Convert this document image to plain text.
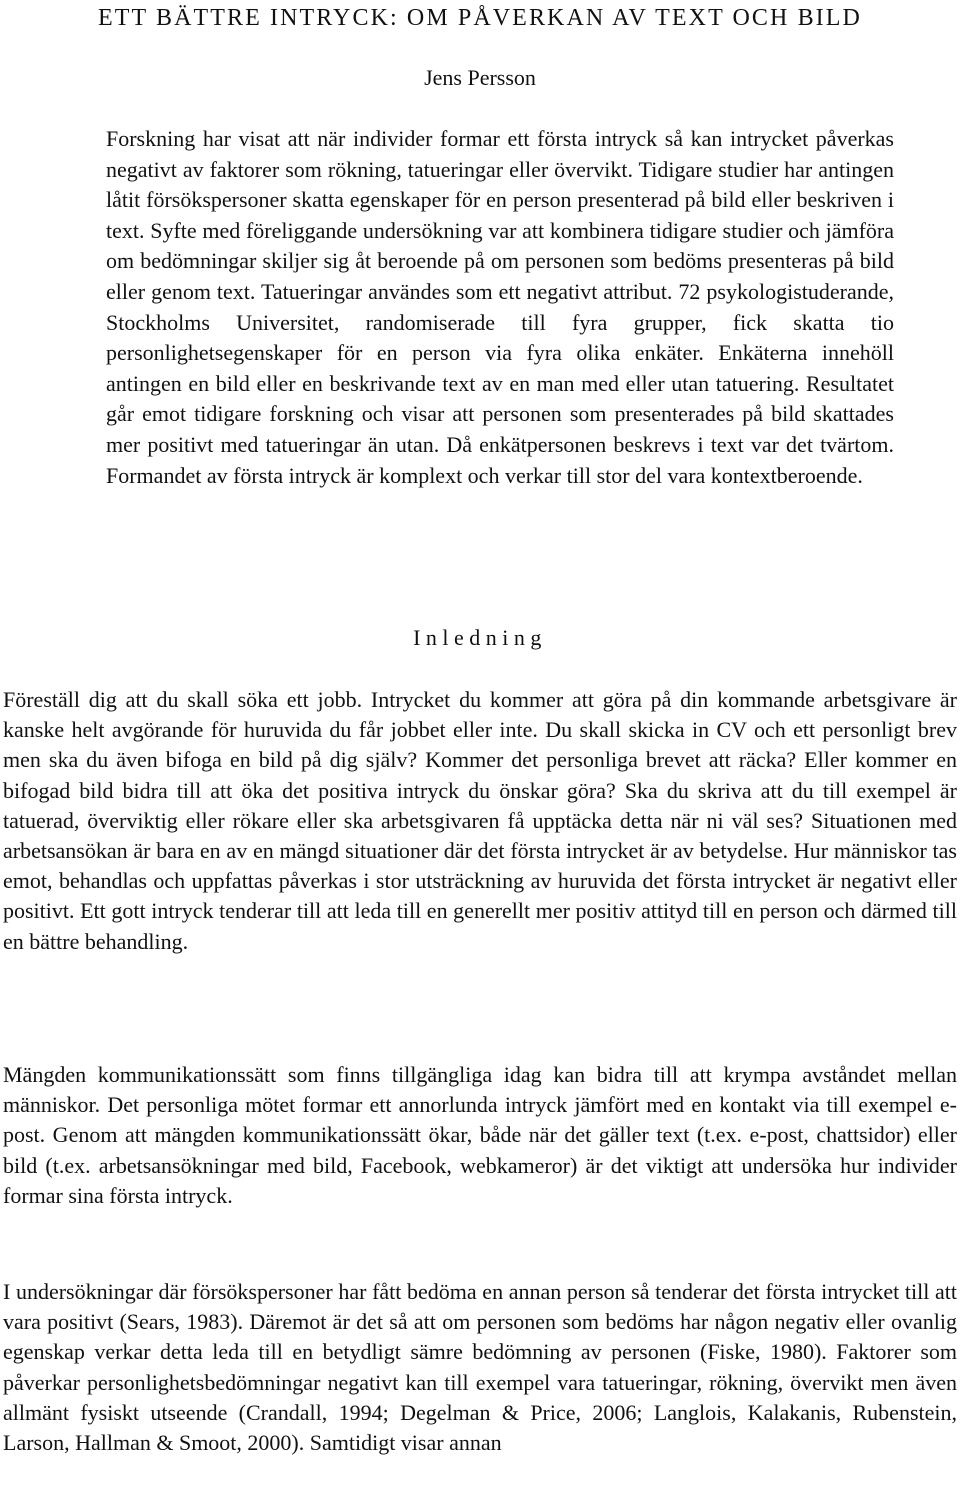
ETT BÄTTRE INTRYCK: OM PÅVERKAN AV TEXT OCH BILD
Jens Persson

Forskning har visat att när individer formar ett första intryck så kan intrycket påverkas negativt av faktorer som rökning, tatueringar eller övervikt. Tidigare studier har antingen låtit försökspersoner skatta egenskaper för en person presenterad på bild eller beskriven i text. Syfte med föreliggande undersökning var att kombinera tidigare studier och jämföra om bedömningar skiljer sig åt beroende på om personen som bedöms presenteras på bild eller genom text. Tatueringar användes som ett negativt attribut. 72 psykologistuderande, Stockholms Universitet, randomiserade till fyra grupper, fick skatta tio personlighetsegenskaper för en person via fyra olika enkäter. Enkäterna innehöll antingen en bild eller en beskrivande text av en man med eller utan tatuering. Resultatet går emot tidigare forskning och visar att personen som presenterades på bild skattades mer positivt med tatueringar än utan. Då enkätpersonen beskrevs i text var det tvärtom. Formandet av första intryck är komplext och verkar till stor del vara kontextberoende.

Inledning

Föreställ dig att du skall söka ett jobb. Intrycket du kommer att göra på din kommande arbetsgivare är kanske helt avgörande för huruvida du får jobbet eller inte. Du skall skicka in CV och ett personligt brev men ska du även bifoga en bild på dig själv? Kommer det personliga brevet att räcka? Eller kommer en bifogad bild bidra till att öka det positiva intryck du önskar göra? Ska du skriva att du till exempel är tatuerad, överviktig eller rökare eller ska arbetsgivaren få upptäcka detta när ni väl ses? Situationen med arbetsansökan är bara en av en mängd situationer där det första intrycket är av betydelse. Hur människor tas emot, behandlas och uppfattas påverkas i stor utsträckning av huruvida det första intrycket är negativt eller positivt. Ett gott intryck tenderar till att leda till en generellt mer positiv attityd till en person och därmed till en bättre behandling.

Mängden kommunikationssätt som finns tillgängliga idag kan bidra till att krympa avståndet mellan människor. Det personliga mötet formar ett annorlunda intryck jämfört med en kontakt via till exempel e-post. Genom att mängden kommunikationssätt ökar, både när det gäller text (t.ex. e-post, chattsidor) eller bild (t.ex. arbetsansökningar med bild, Facebook, webkameror) är det viktigt att undersöka hur individer formar sina första intryck.

I undersökningar där försökspersoner har fått bedöma en annan person så tenderar det första intrycket till att vara positivt (Sears, 1983). Däremot är det så att om personen som bedöms har någon negativ eller ovanlig egenskap verkar detta leda till en betydligt sämre bedömning av personen (Fiske, 1980). Faktorer som påverkar personlighetsbedömningar negativt kan till exempel vara tatueringar, rökning, övervikt men även allmänt fysiskt utseende (Crandall, 1994; Degelman & Price, 2006; Langlois, Kalakanis, Rubenstein, Larson, Hallman & Smoot, 2000). Samtidigt visar annan
